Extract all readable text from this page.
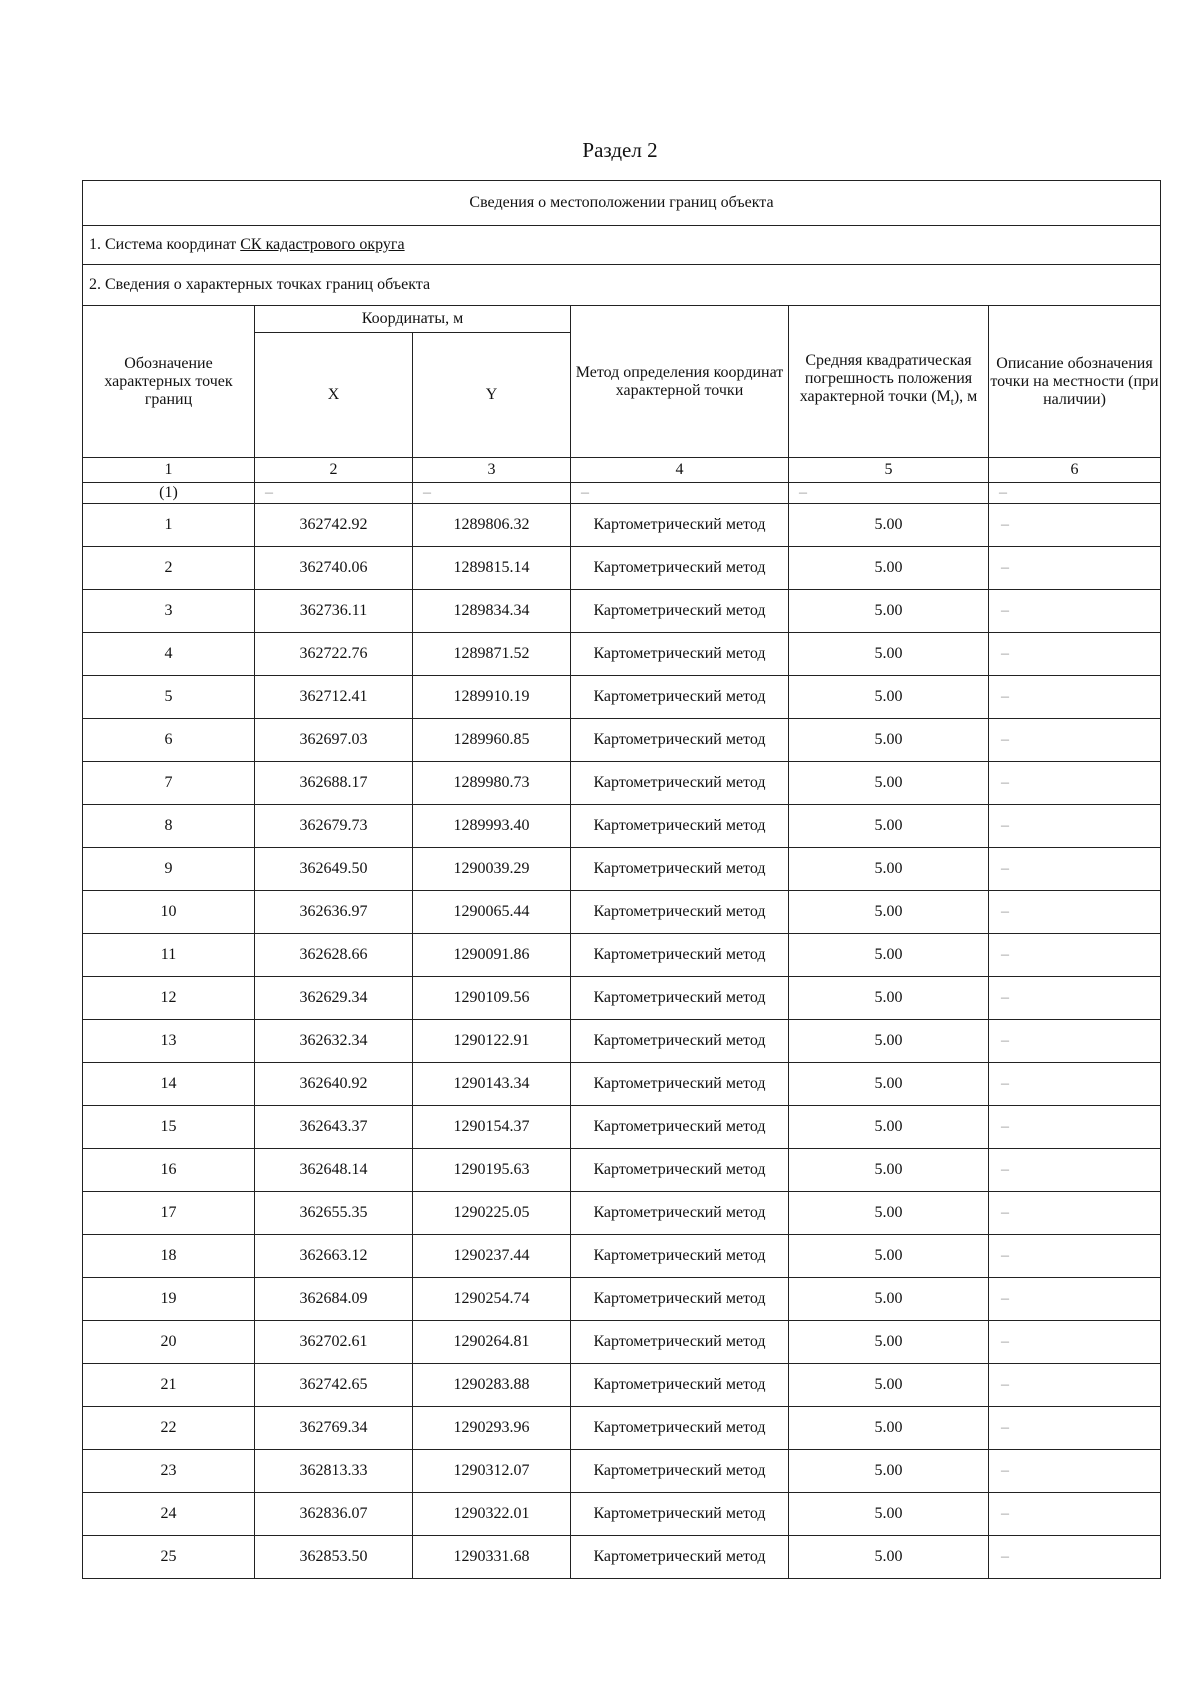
Раздел 2
Сведения о местоположении границ объекта					
1. Система координат СК кадастрового округа					
2. Сведения о характерных точках границ объекта					
Обозначение характерных точек границ	Координаты, м		Метод определения координат характерной точки	Средняя квадратическая погрешность положения характерной точки $(M_t)$, м	Описание обозначения точки на местности (при наличии)
	X	Y			
1	2	3	4	5	6
(1)	–	–	–	–	–
1	362742.92	1289806.32	Картометрический метод	5.00	–
2	362740.06	1289815.14	Картометрический метод	5.00	–
3	362736.11	1289834.34	Картометрический метод	5.00	–
4	362722.76	1289871.52	Картометрический метод	5.00	–
5	362712.41	1289910.19	Картометрический метод	5.00	–
6	362697.03	1289960.85	Картометрический метод	5.00	–
7	362688.17	1289980.73	Картометрический метод	5.00	–
8	362679.73	1289993.40	Картометрический метод	5.00	–
9	362649.50	1290039.29	Картометрический метод	5.00	–
10	362636.97	1290065.44	Картометрический метод	5.00	–
11	362628.66	1290091.86	Картометрический метод	5.00	–
12	362629.34	1290109.56	Картометрический метод	5.00	–
13	362632.34	1290122.91	Картометрический метод	5.00	–
14	362640.92	1290143.34	Картометрический метод	5.00	–
15	362643.37	1290154.37	Картометрический метод	5.00	–
16	362648.14	1290195.63	Картометрический метод	5.00	–
17	362655.35	1290225.05	Картометрический метод	5.00	–
18	362663.12	1290237.44	Картометрический метод	5.00	–
19	362684.09	1290254.74	Картометрический метод	5.00	–
20	362702.61	1290264.81	Картометрический метод	5.00	–
21	362742.65	1290283.88	Картометрический метод	5.00	–
22	362769.34	1290293.96	Картометрический метод	5.00	–
23	362813.33	1290312.07	Картометрический метод	5.00	–
24	362836.07	1290322.01	Картометрический метод	5.00	–
25	362853.50	1290331.68	Картометрический метод	5.00	–
